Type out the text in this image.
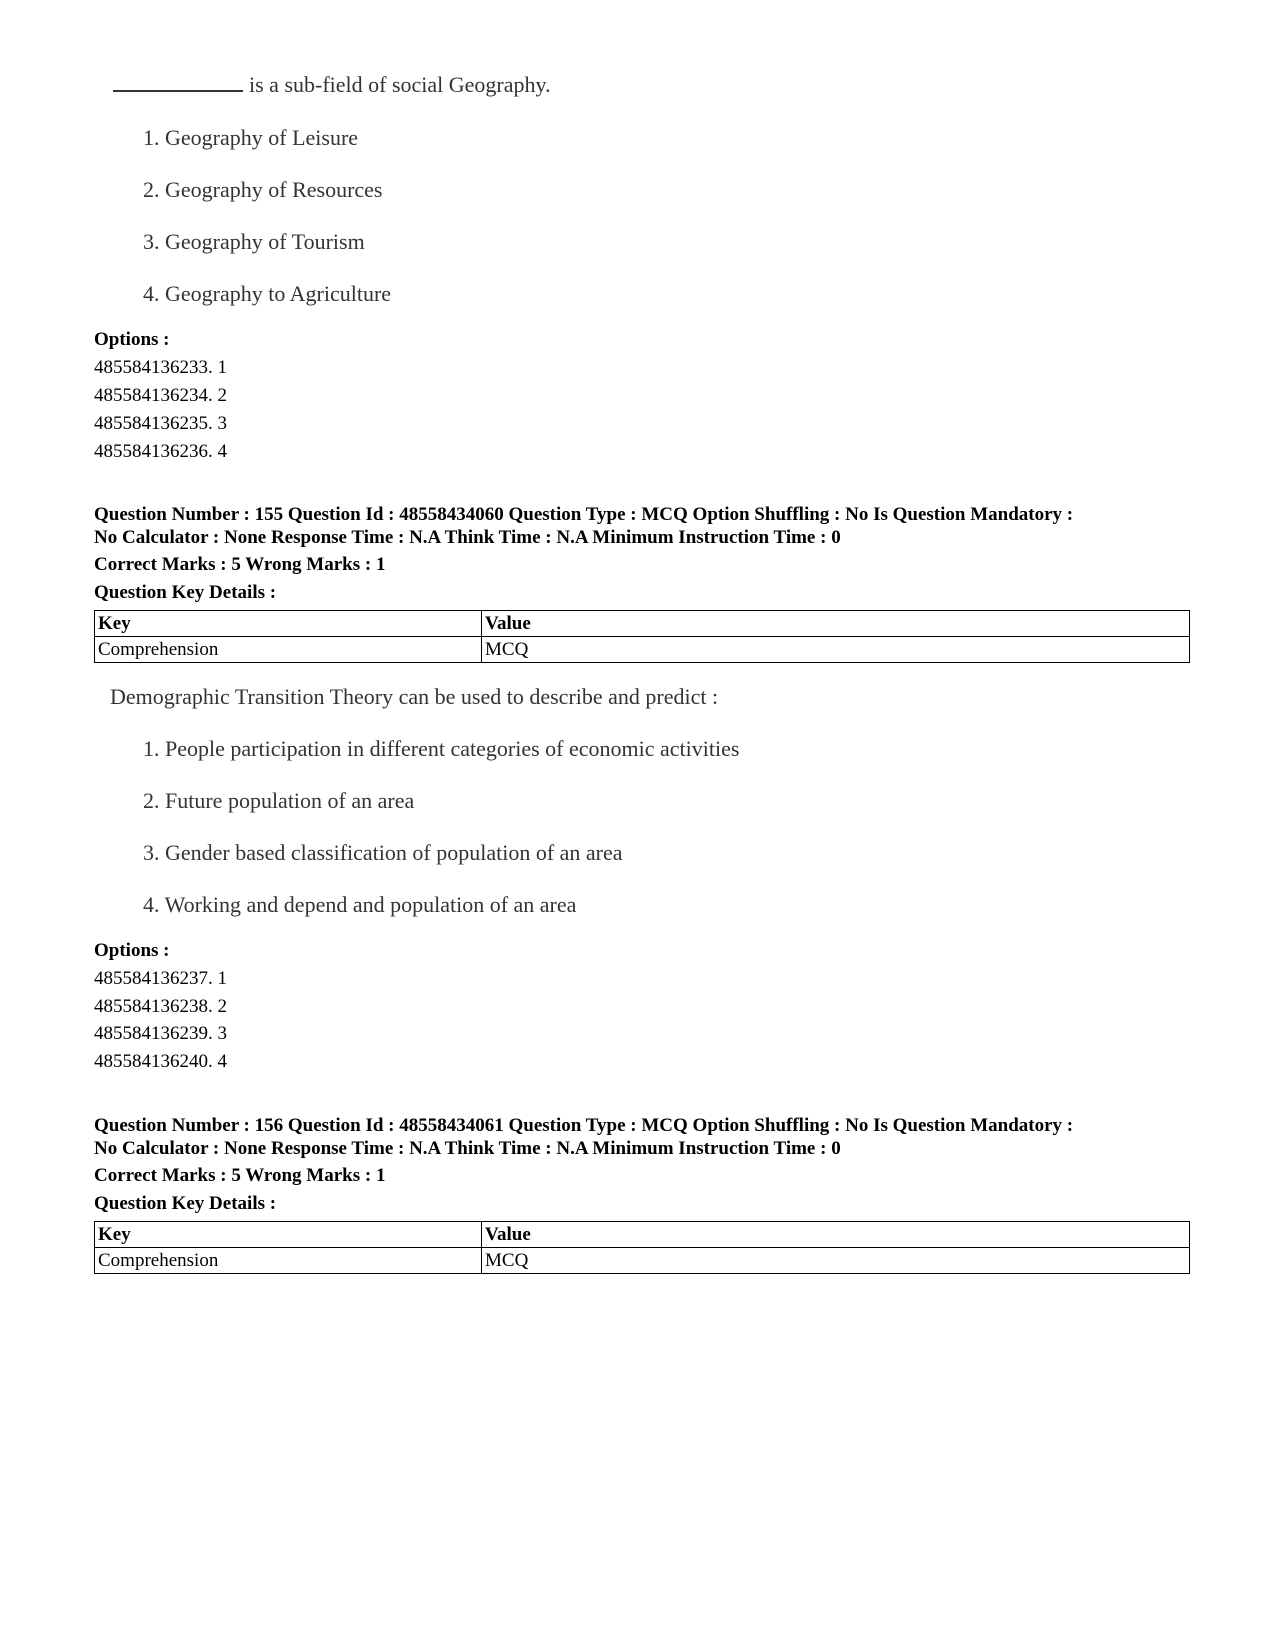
is a sub-field of social Geography.

1. Geography of Leisure
2. Geography of Resources
3. Geography of Tourism
4. Geography to Agriculture
Options :
485584136233. 1
485584136234. 2
485584136235. 3
485584136236. 4
Question Number : 155 Question Id : 48558434060 Question Type : MCQ Option Shuffling : No Is Question Mandatory :
No Calculator : None Response Time : N.A Think Time : N.A Minimum Instruction Time : 0
Correct Marks : 5 Wrong Marks : 1
Question Key Details :
Key	Value
Comprehension	MCQ

Demographic Transition Theory can be used to describe and predict :

1. People participation in different categories of economic activities
2. Future population of an area
3. Gender based classification of population of an area
4. Working and depend and population of an area
Options :
485584136237. 1
485584136238. 2
485584136239. 3
485584136240. 4
Question Number : 156 Question Id : 48558434061 Question Type : MCQ Option Shuffling : No Is Question Mandatory :
No Calculator : None Response Time : N.A Think Time : N.A Minimum Instruction Time : 0
Correct Marks : 5 Wrong Marks : 1
Question Key Details :
Key	Value
Comprehension	MCQ
